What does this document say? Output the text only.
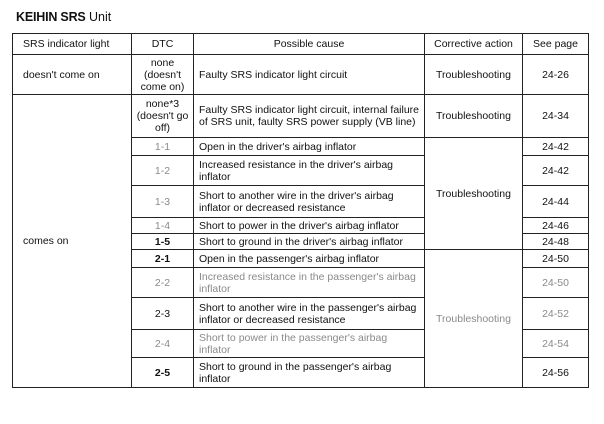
KEIHIN SRS Unit
SRS indicator light	DTC	Possible cause	Corrective action	See page
doesn't come on	none (doesn't come on)	Faulty SRS indicator light circuit	Troubleshooting	24-26
comes on	none*3 (doesn't go off)	Faulty SRS indicator light circuit, internal failure of SRS unit, faulty SRS power supply (VB line)	Troubleshooting	24-34
	1-1	Open in the driver's airbag inflator	Troubleshooting	24-42
	1-2	Increased resistance in the driver's airbag inflator		24-42
	1-3	Short to another wire in the driver's airbag inflator or decreased resistance		24-44
	1-4	Short to power in the driver's airbag inflator		24-46
	1-5	Short to ground in the driver's airbag inflator		24-48
	2-1	Open in the passenger's airbag inflator	Troubleshooting	24-50
	2-2	Increased resistance in the passenger's airbag inflator		24-50
	2-3	Short to another wire in the passenger's airbag inflator or decreased resistance		24-52
	2-4	Short to power in the passenger's airbag inflator		24-54
	2-5	Short to ground in the passenger's airbag inflator		24-56
